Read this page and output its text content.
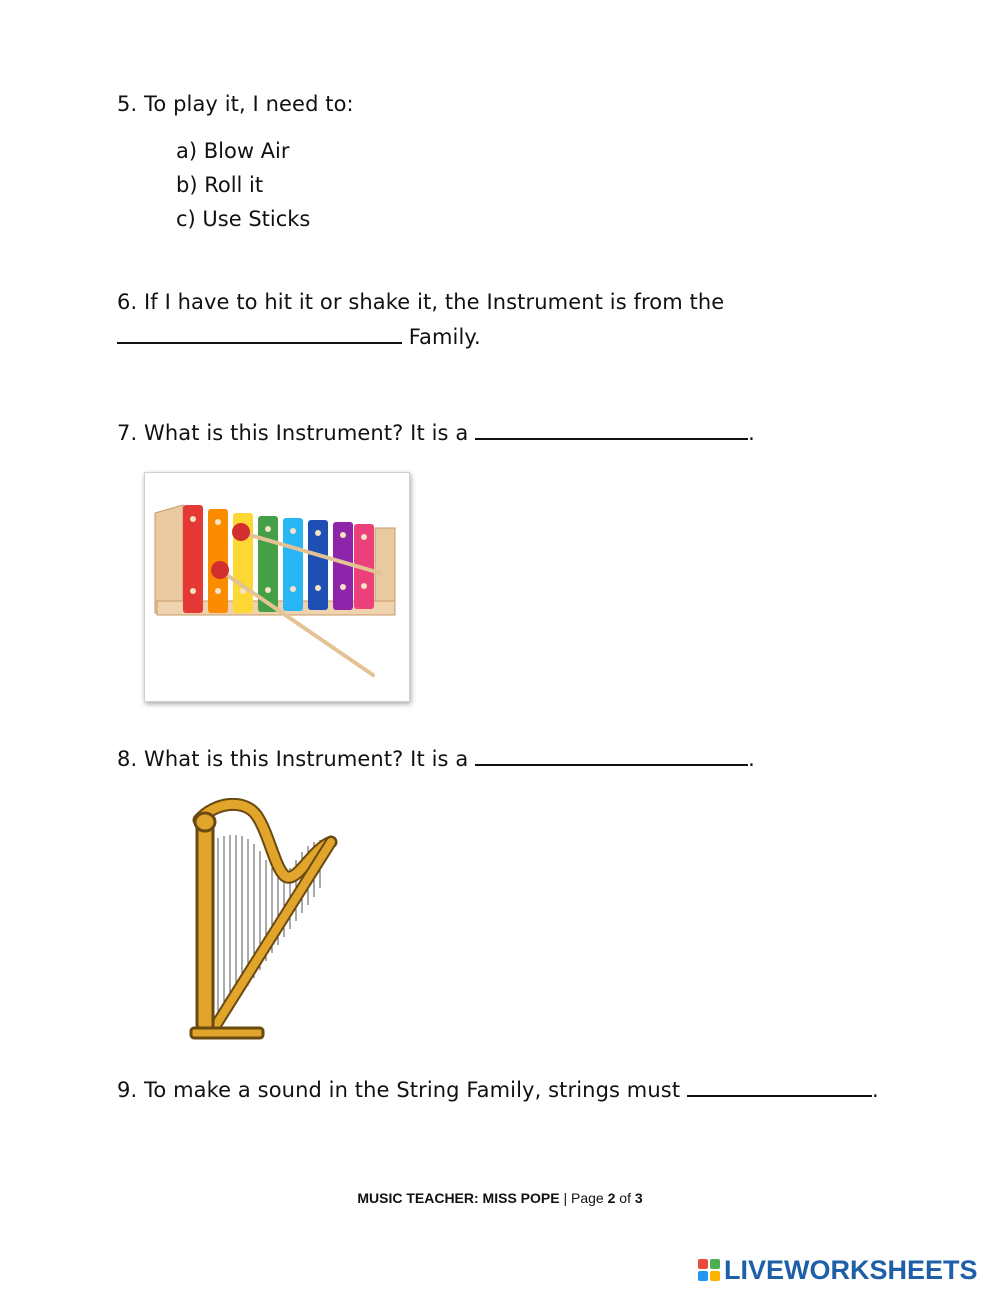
5. To play it, I need to:
a) Blow Air
b) Roll it
c) Use Sticks
6. If I have to hit it or shake it, the Instrument is from the
Family.
7. What is this Instrument? It is a	.
8. What is this Instrument? It is a	.
9. To make a sound in the String Family, strings must	.
MUSIC TEACHER: MISS POPE | Page 2 of 3
LIVEWORKSHEETS
